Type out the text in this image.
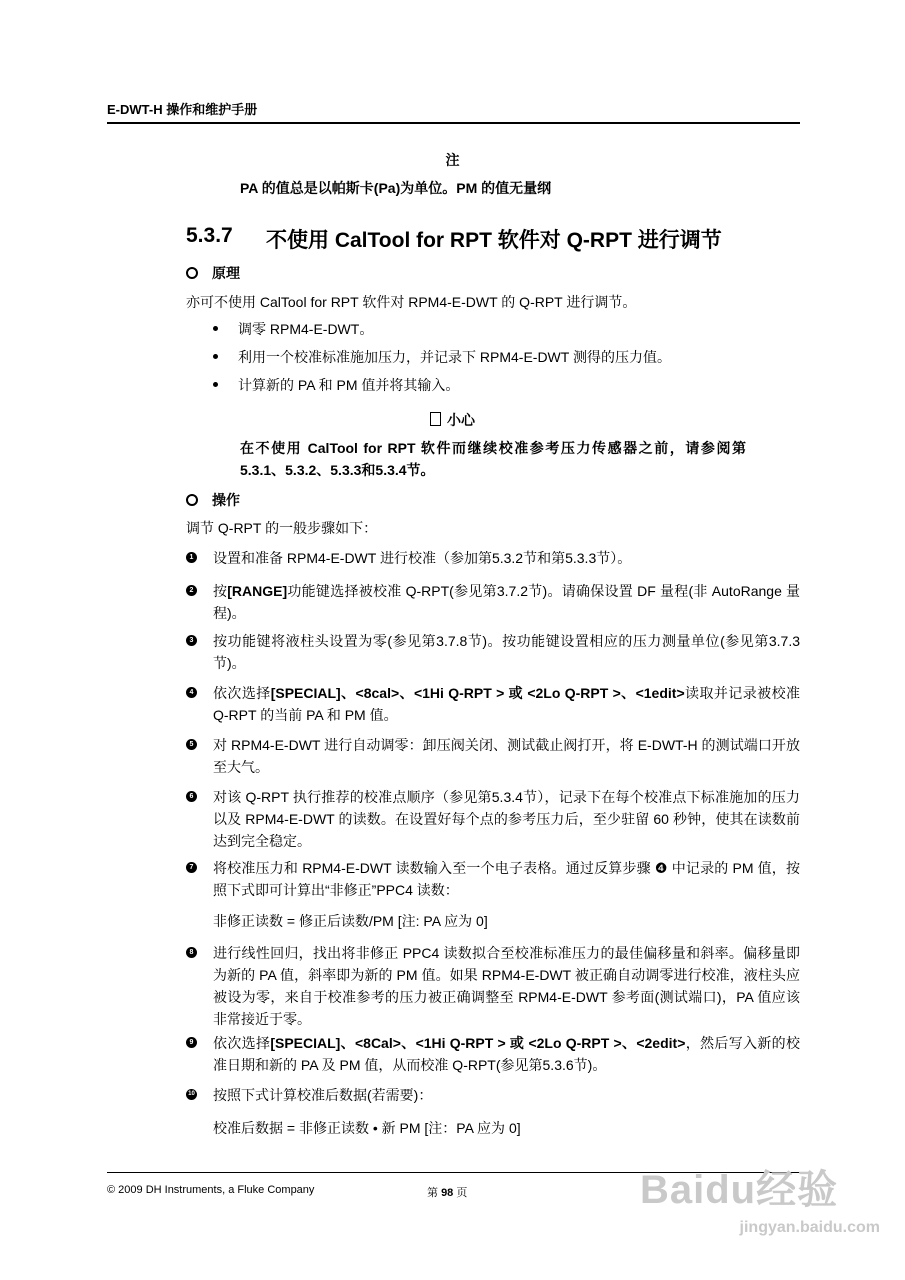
E-DWT-H 操作和维护手册
注
PA 的值总是以帕斯卡(Pa)为单位。PM 的值无量纲
5.3.7 不使用 CalTool for RPT 软件对 Q-RPT 进行调节
原理
亦可不使用 CalTool for RPT 软件对 RPM4-E-DWT 的 Q-RPT 进行调节。
调零 RPM4-E-DWT。
利用一个校准标准施加压力，并记录下 RPM4-E-DWT 测得的压力值。
计算新的 PA 和 PM 值并将其输入。
小心
在不使用 CalTool for RPT 软件而继续校准参考压力传感器之前，请参阅第 5.3.1、5.3.2、5.3.3和5.3.4节。
操作
调节 Q-RPT 的一般步骤如下：
1 设置和准备 RPM4-E-DWT 进行校准（参加第5.3.2节和第5.3.3节）。
2 按[RANGE]功能键选择被校准 Q-RPT(参见第3.7.2节)。请确保设置 DF 量程(非 AutoRange 量程)。
3 按功能键将液柱头设置为零(参见第3.7.8节)。按功能键设置相应的压力测量单位(参见第3.7.3节)。
4 依次选择[SPECIAL]、<8cal>、<1Hi Q-RPT > 或 <2Lo Q-RPT >、<1edit>读取并记录被校准 Q-RPT 的当前 PA 和 PM 值。
5 对 RPM4-E-DWT 进行自动调零：卸压阀关闭、测试截止阀打开，将 E-DWT-H 的测试端口开放至大气。
6 对该 Q-RPT 执行推荐的校准点顺序（参见第5.3.4节），记录下在每个校准点下标准施加的压力以及 RPM4-E-DWT 的读数。在设置好每个点的参考压力后，至少驻留 60 秒钟，使其在读数前达到完全稳定。
7 将校准压力和 RPM4-E-DWT 读数输入至一个电子表格。通过反算步骤 ❹ 中记录的 PM 值，按照下式即可计算出“非修正”PPC4 读数：
非修正读数 = 修正后读数/PM [注: PA 应为 0]
8 进行线性回归，找出将非修正 PPC4 读数拟合至校准标准压力的最佳偏移量和斜率。偏移量即为新的 PA 值，斜率即为新的 PM 值。如果 RPM4-E-DWT 被正确自动调零进行校准，液柱头应被设为零，来自于校准参考的压力被正确调整至 RPM4-E-DWT 参考面(测试端口)，PA 值应该非常接近于零。
9 依次选择[SPECIAL]、<8Cal>、<1Hi Q-RPT > 或 <2Lo Q-RPT >、<2edit>，然后写入新的校准日期和新的 PA 及 PM 值，从而校准 Q-RPT(参见第5.3.6节)。
10 按照下式计算校准后数据(若需要)：
校准后数据 = 非修正读数 • 新 PM [注：PA 应为 0]
© 2009 DH Instruments, a Fluke Company	第 98 页	Baidu经验
jingyan.baidu.com
